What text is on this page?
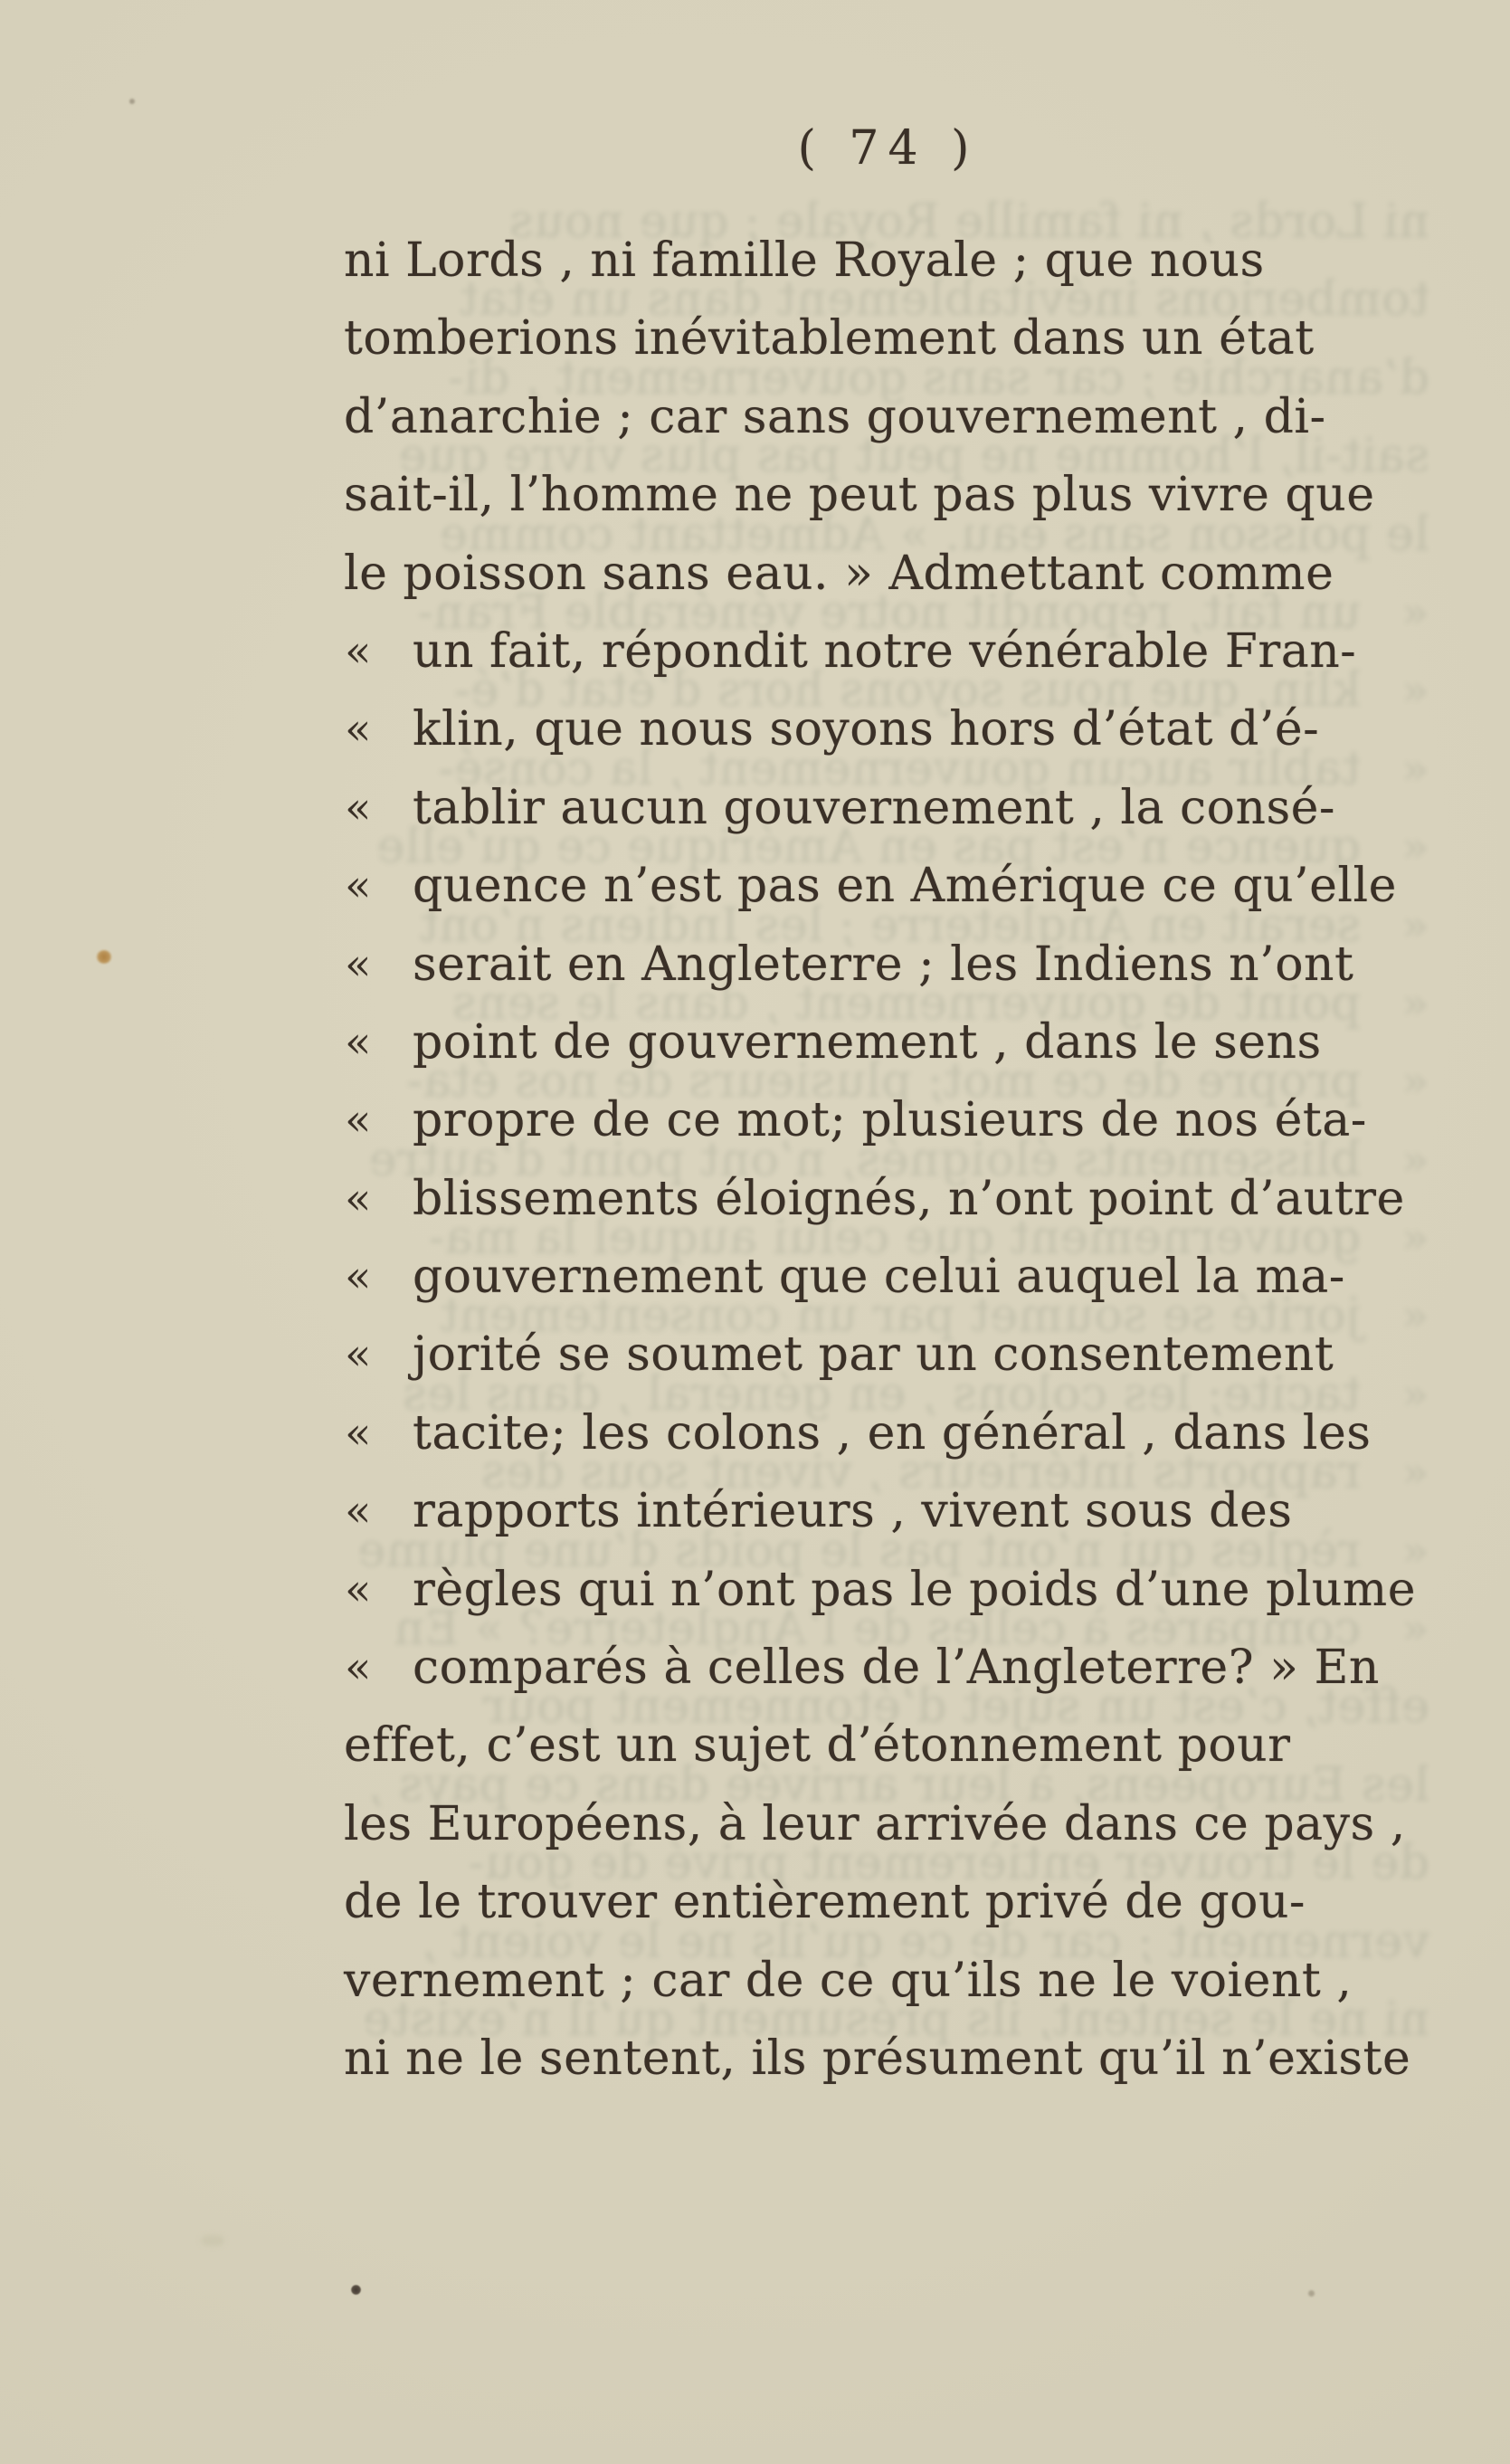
( 74 )
ni Lords , ni famille Royale ; que nous
tomberions inévitablement dans un état
d’anarchie ; car sans gouvernement , di-
sait-il, l’homme ne peut pas plus vivre que
le poisson sans eau. » Admettant comme
«
un fait, répondit notre vénérable Fran-
«
klin, que nous soyons hors d’état d’é-
«
tablir aucun gouvernement , la consé-
«
quence n’est pas en Amérique ce qu’elle
«
serait en Angleterre ; les Indiens n’ont
«
point de gouvernement , dans le sens
«
propre de ce mot; plusieurs de nos éta-
«
blissements éloignés, n’ont point d’autre
«
gouvernement que celui auquel la ma-
«
jorité se soumet par un consentement
«
tacite; les colons , en général , dans les
«
rapports intérieurs , vivent sous des
«
règles qui n’ont pas le poids d’une plume
«
comparés à celles de l’Angleterre? » En
effet, c’est un sujet d’étonnement pour
les Européens, à leur arrivée dans ce pays ,
de le trouver entièrement privé de gou-
vernement ; car de ce qu’ils ne le voient ,
ni ne le sentent, ils présument qu’il n’existe
ni Lords , ni famille Royale ; que nous
tomberions inévitablement dans un état
d’anarchie ; car sans gouvernement , di-
sait-il, l’homme ne peut pas plus vivre que
le poisson sans eau. » Admettant comme
« un fait, répondit notre vénérable Fran-
« klin, que nous soyons hors d’état d’é-
« tablir aucun gouvernement , la consé-
« quence n’est pas en Amérique ce qu’elle
« serait en Angleterre ; les Indiens n’ont
« point de gouvernement , dans le sens
« propre de ce mot; plusieurs de nos éta-
« blissements éloignés, n’ont point d’autre
« gouvernement que celui auquel la ma-
« jorité se soumet par un consentement
« tacite; les colons , en général , dans les
« rapports intérieurs , vivent sous des
« règles qui n’ont pas le poids d’une plume
« comparés à celles de l’Angleterre? » En
effet, c’est un sujet d’étonnement pour
les Européens, à leur arrivée dans ce pays ,
de le trouver entièrement privé de gou-
vernement ; car de ce qu’ils ne le voient ,
ni ne le sentent, ils présument qu’il n’existe
